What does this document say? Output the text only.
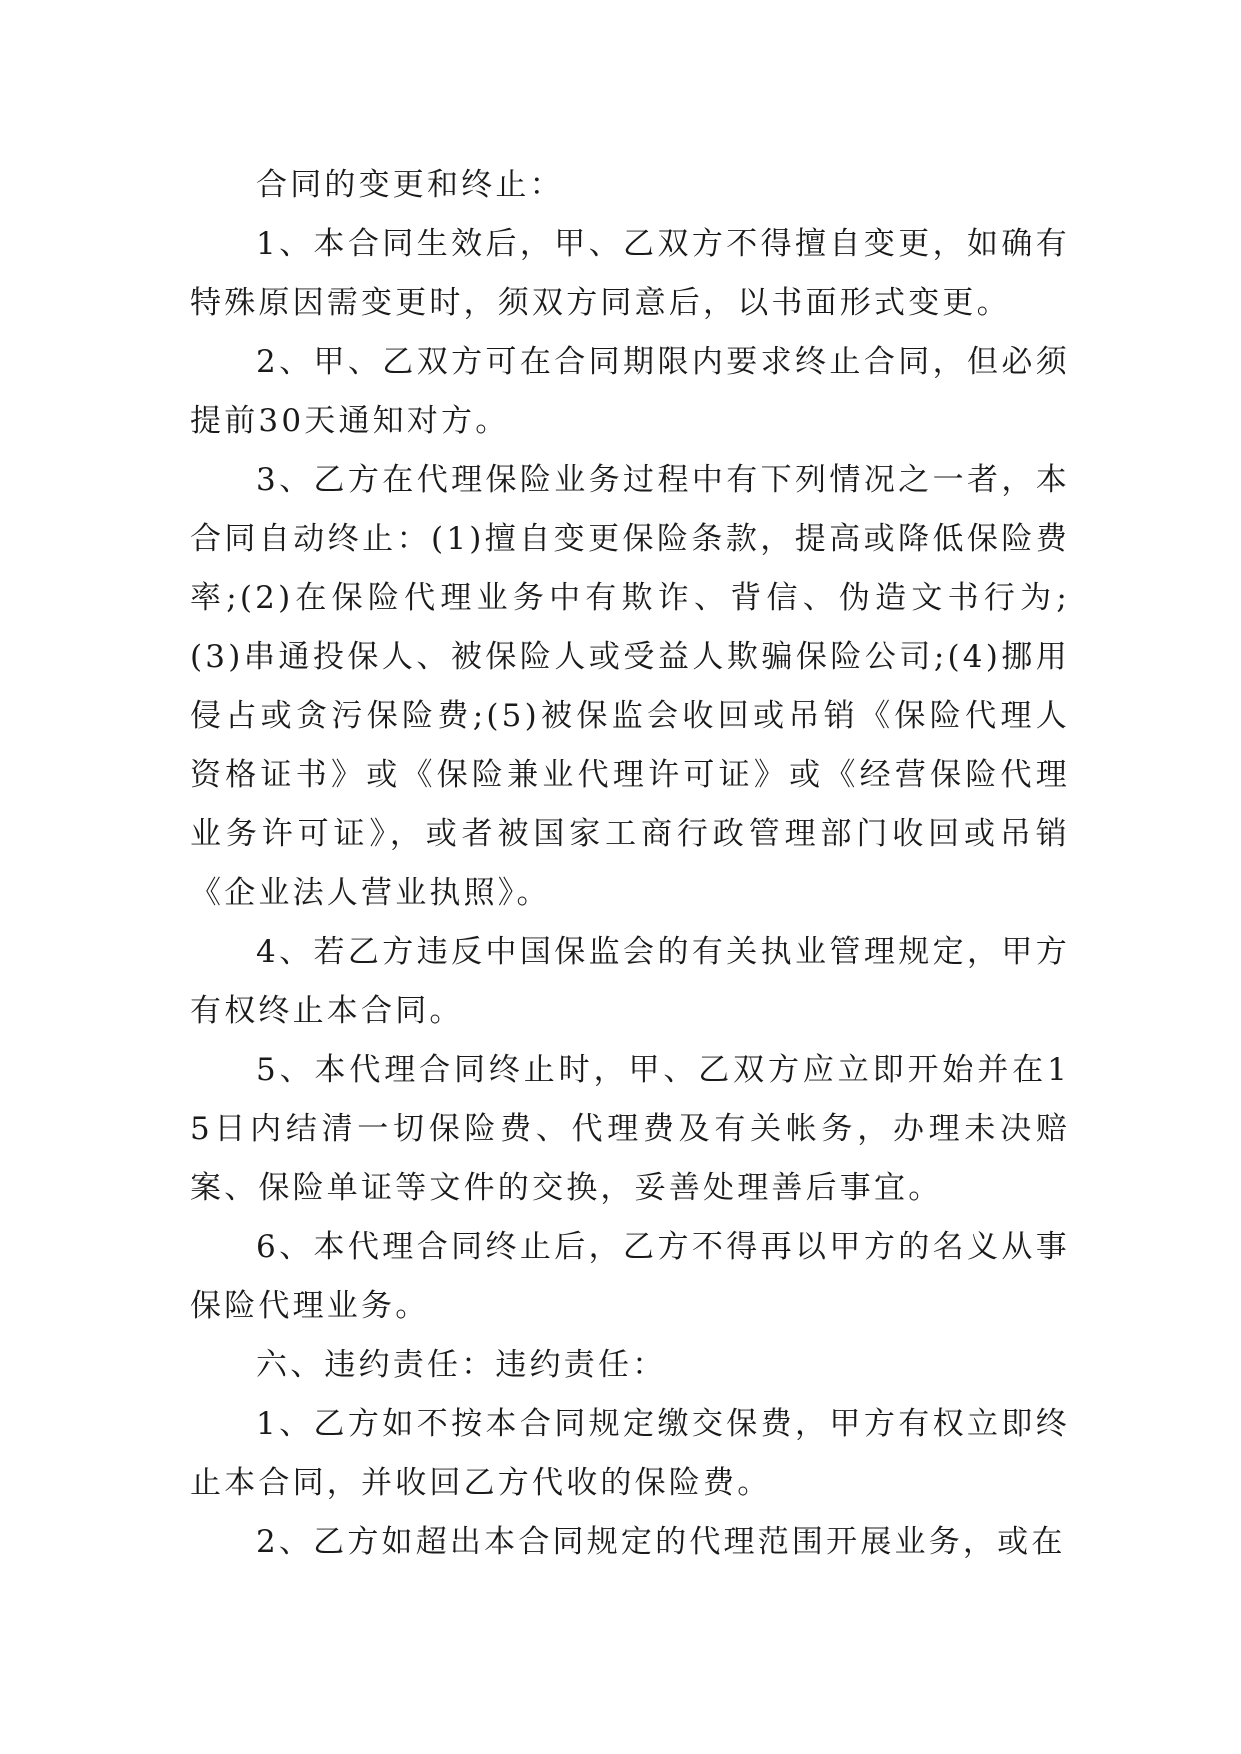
合同的变更和终止：

1、本合同生效后，甲、乙双方不得擅自变更，如确有特殊原因需变更时，须双方同意后，以书面形式变更。

2、甲、乙双方可在合同期限内要求终止合同，但必须提前30天通知对方。

3、乙方在代理保险业务过程中有下列情况之一者，本合同自动终止：(1)擅自变更保险条款，提高或降低保险费率;(2)在保险代理业务中有欺诈、背信、伪造文书行为;(3)串通投保人、被保险人或受益人欺骗保险公司;(4)挪用侵占或贪污保险费;(5)被保监会收回或吊销《保险代理人资格证书》或《保险兼业代理许可证》或《经营保险代理业务许可证》，或者被国家工商行政管理部门收回或吊销《企业法人营业执照》。

4、若乙方违反中国保监会的有关执业管理规定，甲方有权终止本合同。

5、本代理合同终止时，甲、乙双方应立即开始并在15日内结清一切保险费、代理费及有关帐务，办理未决赔案、保险单证等文件的交换，妥善处理善后事宜。

6、本代理合同终止后，乙方不得再以甲方的名义从事保险代理业务。

六、违约责任：违约责任：

1、乙方如不按本合同规定缴交保费，甲方有权立即终止本合同，并收回乙方代收的保险费。

2、乙方如超出本合同规定的代理范围开展业务，或在
